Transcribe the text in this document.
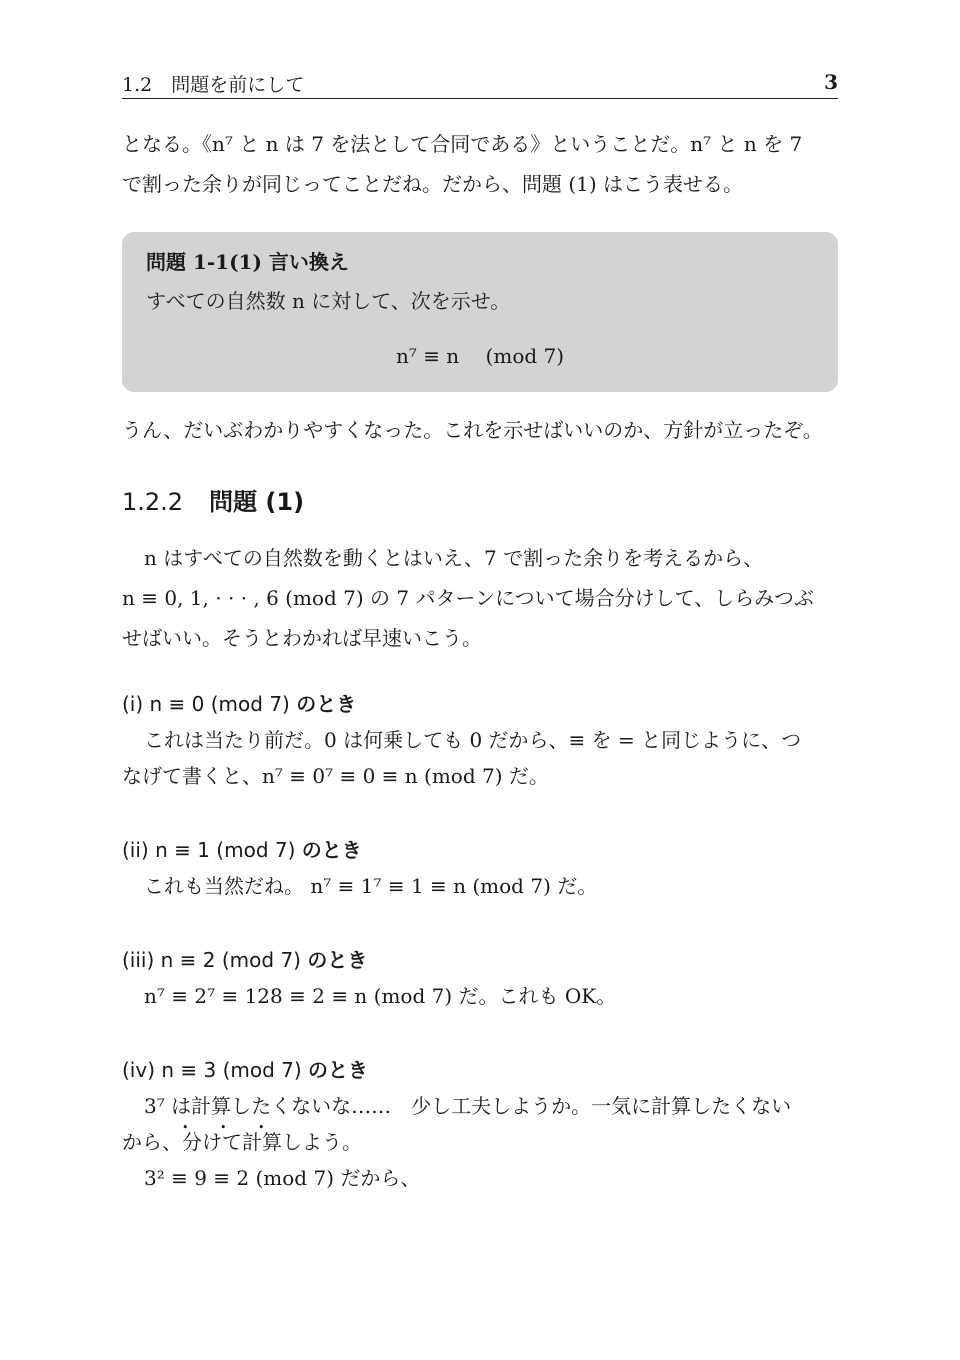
1.2　問題を前にして	3
となる。《n⁷ と n は 7 を法として合同である》ということだ。n⁷ と n を 7
で割った余りが同じってことだね。だから、問題 (1) はこう表せる。
問題 1-1(1) 言い換え
すべての自然数 n に対して、次を示せ。
n⁷ ≡ n　 (mod 7)
うん、だいぶわかりやすくなった。これを示せばいいのか、方針が立ったぞ。
1.2.2 問題 (1)
n はすべての自然数を動くとはいえ、7 で割った余りを考えるから、
n ≡ 0, 1, · · · , 6 (mod 7) の 7 パターンについて場合分けして、しらみつぶ
せばいい。そうとわかれば早速いこう。
(i) n ≡ 0 (mod 7) のとき
これは当たり前だ。0 は何乗しても 0 だから、≡ を = と同じように、つ
なげて書くと、n⁷ ≡ 0⁷ ≡ 0 ≡ n (mod 7) だ。
(ii) n ≡ 1 (mod 7) のとき
これも当然だね。 n⁷ ≡ 1⁷ ≡ 1 ≡ n (mod 7) だ。
(iii) n ≡ 2 (mod 7) のとき
n⁷ ≡ 2⁷ ≡ 128 ≡ 2 ≡ n (mod 7) だ。これも OK。
(iv) n ≡ 3 (mod 7) のとき
3⁷ は計算したくないな……　少し工夫しようか。一気に計算したくない
から、分けて
• • •
計算しよう。
3² ≡ 9 ≡ 2 (mod 7) だから、
